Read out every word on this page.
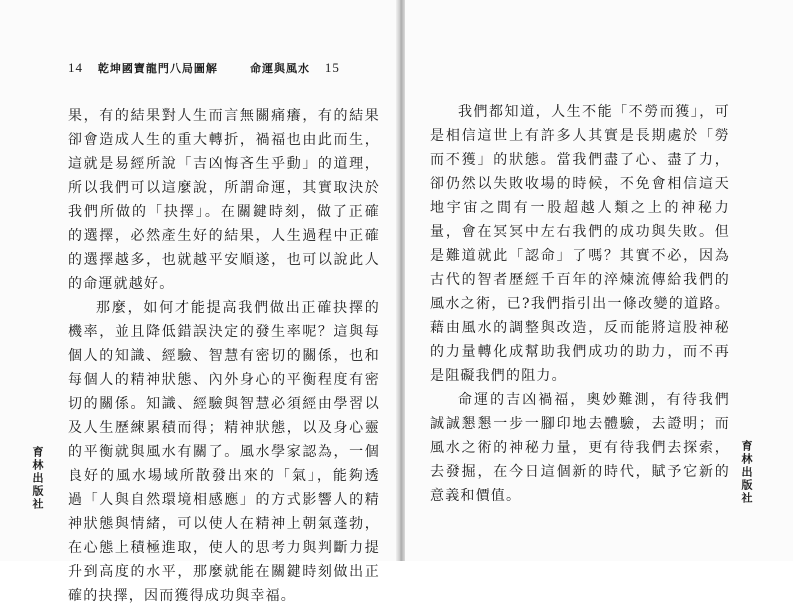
14 乾坤國寶龍門八局圖解	命運與風水 15

果，有的結果對人生而言無關痛癢，有的結果卻會造成人生的重大轉折，禍福也由此而生，這就是易經所說「吉凶悔吝生乎動」的道理，所以我們可以這麼說，所謂命運，其實取決於我們所做的「抉擇」。在關鍵時刻，做了正確的選擇，必然產生好的結果，人生過程中正確的選擇越多，也就越平安順遂，也可以說此人的命運就越好。

那麼，如何才能提高我們做出正確抉擇的機率，並且降低錯誤決定的發生率呢？這與每個人的知識、經驗、智慧有密切的關係，也和每個人的精神狀態、內外身心的平衡程度有密切的關係。知識、經驗與智慧必須經由學習以及人生歷練累積而得；精神狀態，以及身心靈的平衡就與風水有關了。風水學家認為，一個良好的風水場域所散發出來的「氣」，能夠透過「人與自然環境相感應」的方式影響人的精神狀態與情緒，可以使人在精神上朝氣蓬勃，在心態上積極進取，使人的思考力與判斷力提升到高度的水平，那麼就能在關鍵時刻做出正確的抉擇，因而獲得成功與幸福。

我們都知道，人生不能「不勞而獲」，可是相信這世上有許多人其實是長期處於「勞而不獲」的狀態。當我們盡了心、盡了力，卻仍然以失敗收場的時候，不免會相信這天地宇宙之間有一股超越人類之上的神秘力量，會在冥冥中左右我們的成功與失敗。但是難道就此「認命」了嗎？其實不必，因為古代的智者歷經千百年的淬煉流傳給我們的風水之術，已?我們指引出一條改變的道路。藉由風水的調整與改造，反而能將這股神秘的力量轉化成幫助我們成功的助力，而不再是阻礙我們的阻力。

命運的吉凶禍福，奧妙難測，有待我們誠誠懇懇一步一腳印地去體驗，去證明；而風水之術的神秘力量，更有待我們去探索，去發掘，在今日這個新的時代，賦予它新的意義和價值。

育林出版社	育林出版社
